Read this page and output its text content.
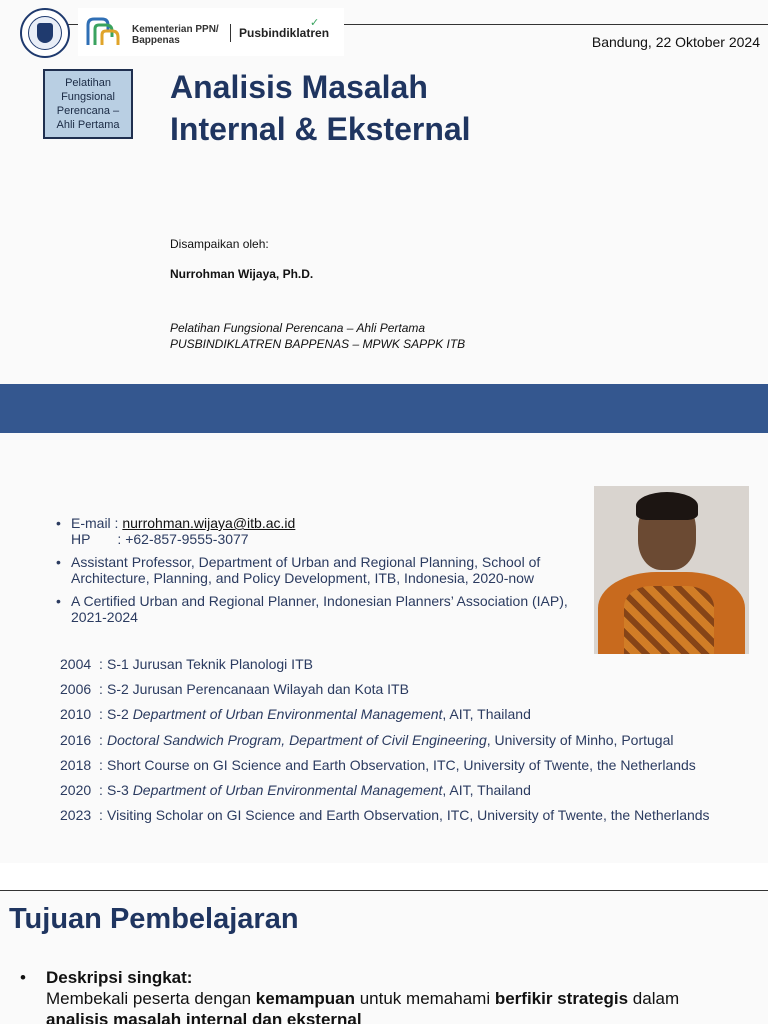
Kementerian PPN/ Bappenas
Pusbindiklatren
✓
Bandung, 22 Oktober 2024
Pelatihan Fungsional Perencana – Ahli Pertama
Analisis Masalah
Internal & Eksternal
Disampaikan oleh:
Nurrohman Wijaya, Ph.D.
Pelatihan Fungsional Perencana – Ahli Pertama
PUSBINDIKLATREN BAPPENAS – MPWK SAPPK ITB
• E-mail : nurrohman.wijaya@itb.ac.id
HP       : +62-857-9555-3077
• Assistant Professor, Department of Urban and Regional Planning, School of Architecture, Planning, and Policy Development, ITB, Indonesia, 2020-now
• A Certified Urban and Regional Planner, Indonesian Planners’ Association (IAP), 2021-2024
2004 : S-1 Jurusan Teknik Planologi ITB
2006 : S-2 Jurusan Perencanaan Wilayah dan Kota ITB
2010 : S-2 Department of Urban Environmental Management, AIT, Thailand
2016 : Doctoral Sandwich Program, Department of Civil Engineering, University of Minho, Portugal
2018 : Short Course on GI Science and Earth Observation, ITC, University of Twente, the Netherlands
2020 : S-3 Department of Urban Environmental Management, AIT, Thailand
2023 : Visiting Scholar on GI Science and Earth Observation, ITC, University of Twente, the Netherlands
Tujuan Pembelajaran
• Deskripsi singkat:
Membekali peserta dengan kemampuan untuk memahami berfikir strategis dalam
analisis masalah internal dan eksternal
